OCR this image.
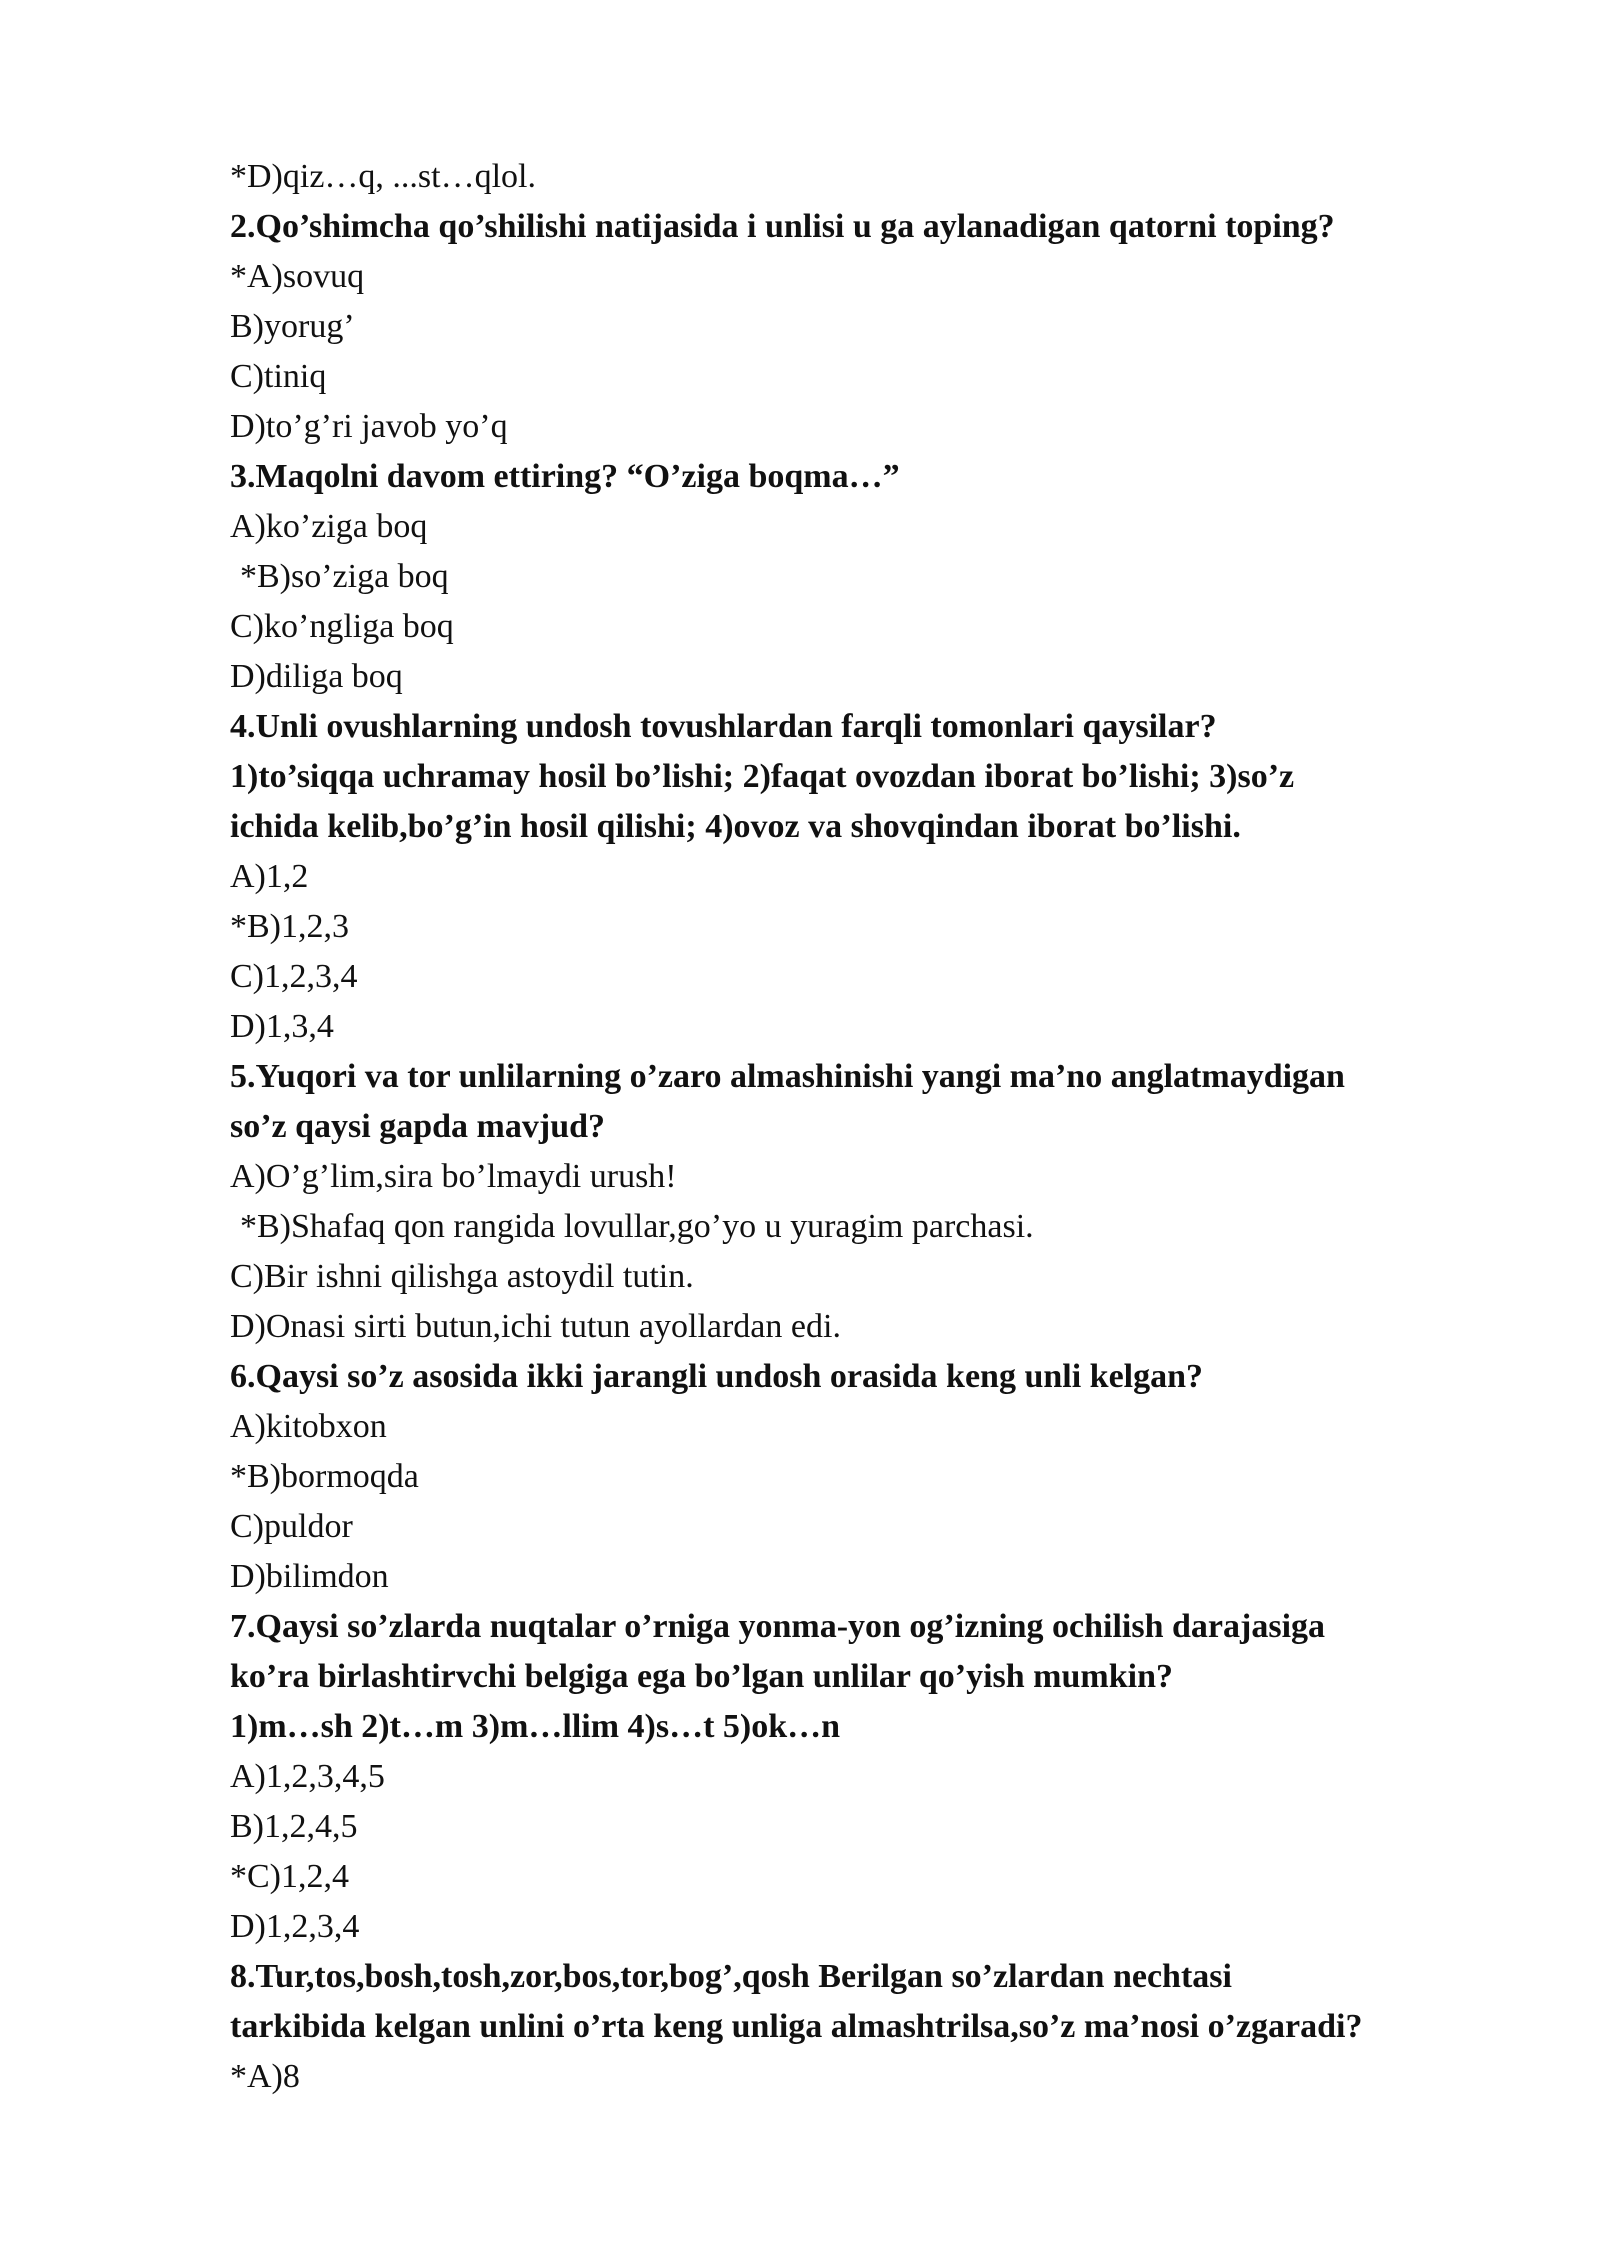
*D)qiz…q, ...st…qlol.
2.Qo’shimcha qo’shilishi natijasida i unlisi u ga aylanadigan qatorni toping?
*A)sovuq
B)yorug’
C)tiniq
D)to’g’ri javob yo’q
3.Maqolni davom ettiring? “O’ziga boqma…”
A)ko’ziga boq
*B)so’ziga boq
C)ko’ngliga boq
D)diliga boq
4.Unli ovushlarning undosh tovushlardan farqli tomonlari qaysilar?
1)to’siqqa uchramay hosil bo’lishi; 2)faqat ovozdan iborat bo’lishi; 3)so’z
ichida kelib,bo’g’in hosil qilishi; 4)ovoz va shovqindan iborat bo’lishi.
A)1,2
*B)1,2,3
C)1,2,3,4
D)1,3,4
5.Yuqori va tor unlilarning o’zaro almashinishi yangi ma’no anglatmaydigan
so’z qaysi gapda mavjud?
A)O’g’lim,sira bo’lmaydi urush!
*B)Shafaq qon rangida lovullar,go’yo u yuragim parchasi.
C)Bir ishni qilishga astoydil tutin.
D)Onasi sirti butun,ichi tutun ayollardan edi.
6.Qaysi so’z asosida ikki jarangli undosh orasida keng unli kelgan?
A)kitobxon
*B)bormoqda
C)puldor
D)bilimdon
7.Qaysi so’zlarda nuqtalar o’rniga yonma-yon og’izning ochilish darajasiga
ko’ra birlashtirvchi belgiga ega bo’lgan unlilar qo’yish mumkin?
1)m…sh 2)t…m 3)m…llim 4)s…t 5)ok…n
A)1,2,3,4,5
B)1,2,4,5
*C)1,2,4
D)1,2,3,4
8.Tur,tos,bosh,tosh,zor,bos,tor,bog’,qosh Berilgan so’zlardan nechtasi
tarkibida kelgan unlini o’rta keng unliga almashtrilsa,so’z ma’nosi o’zgaradi?
*A)8
